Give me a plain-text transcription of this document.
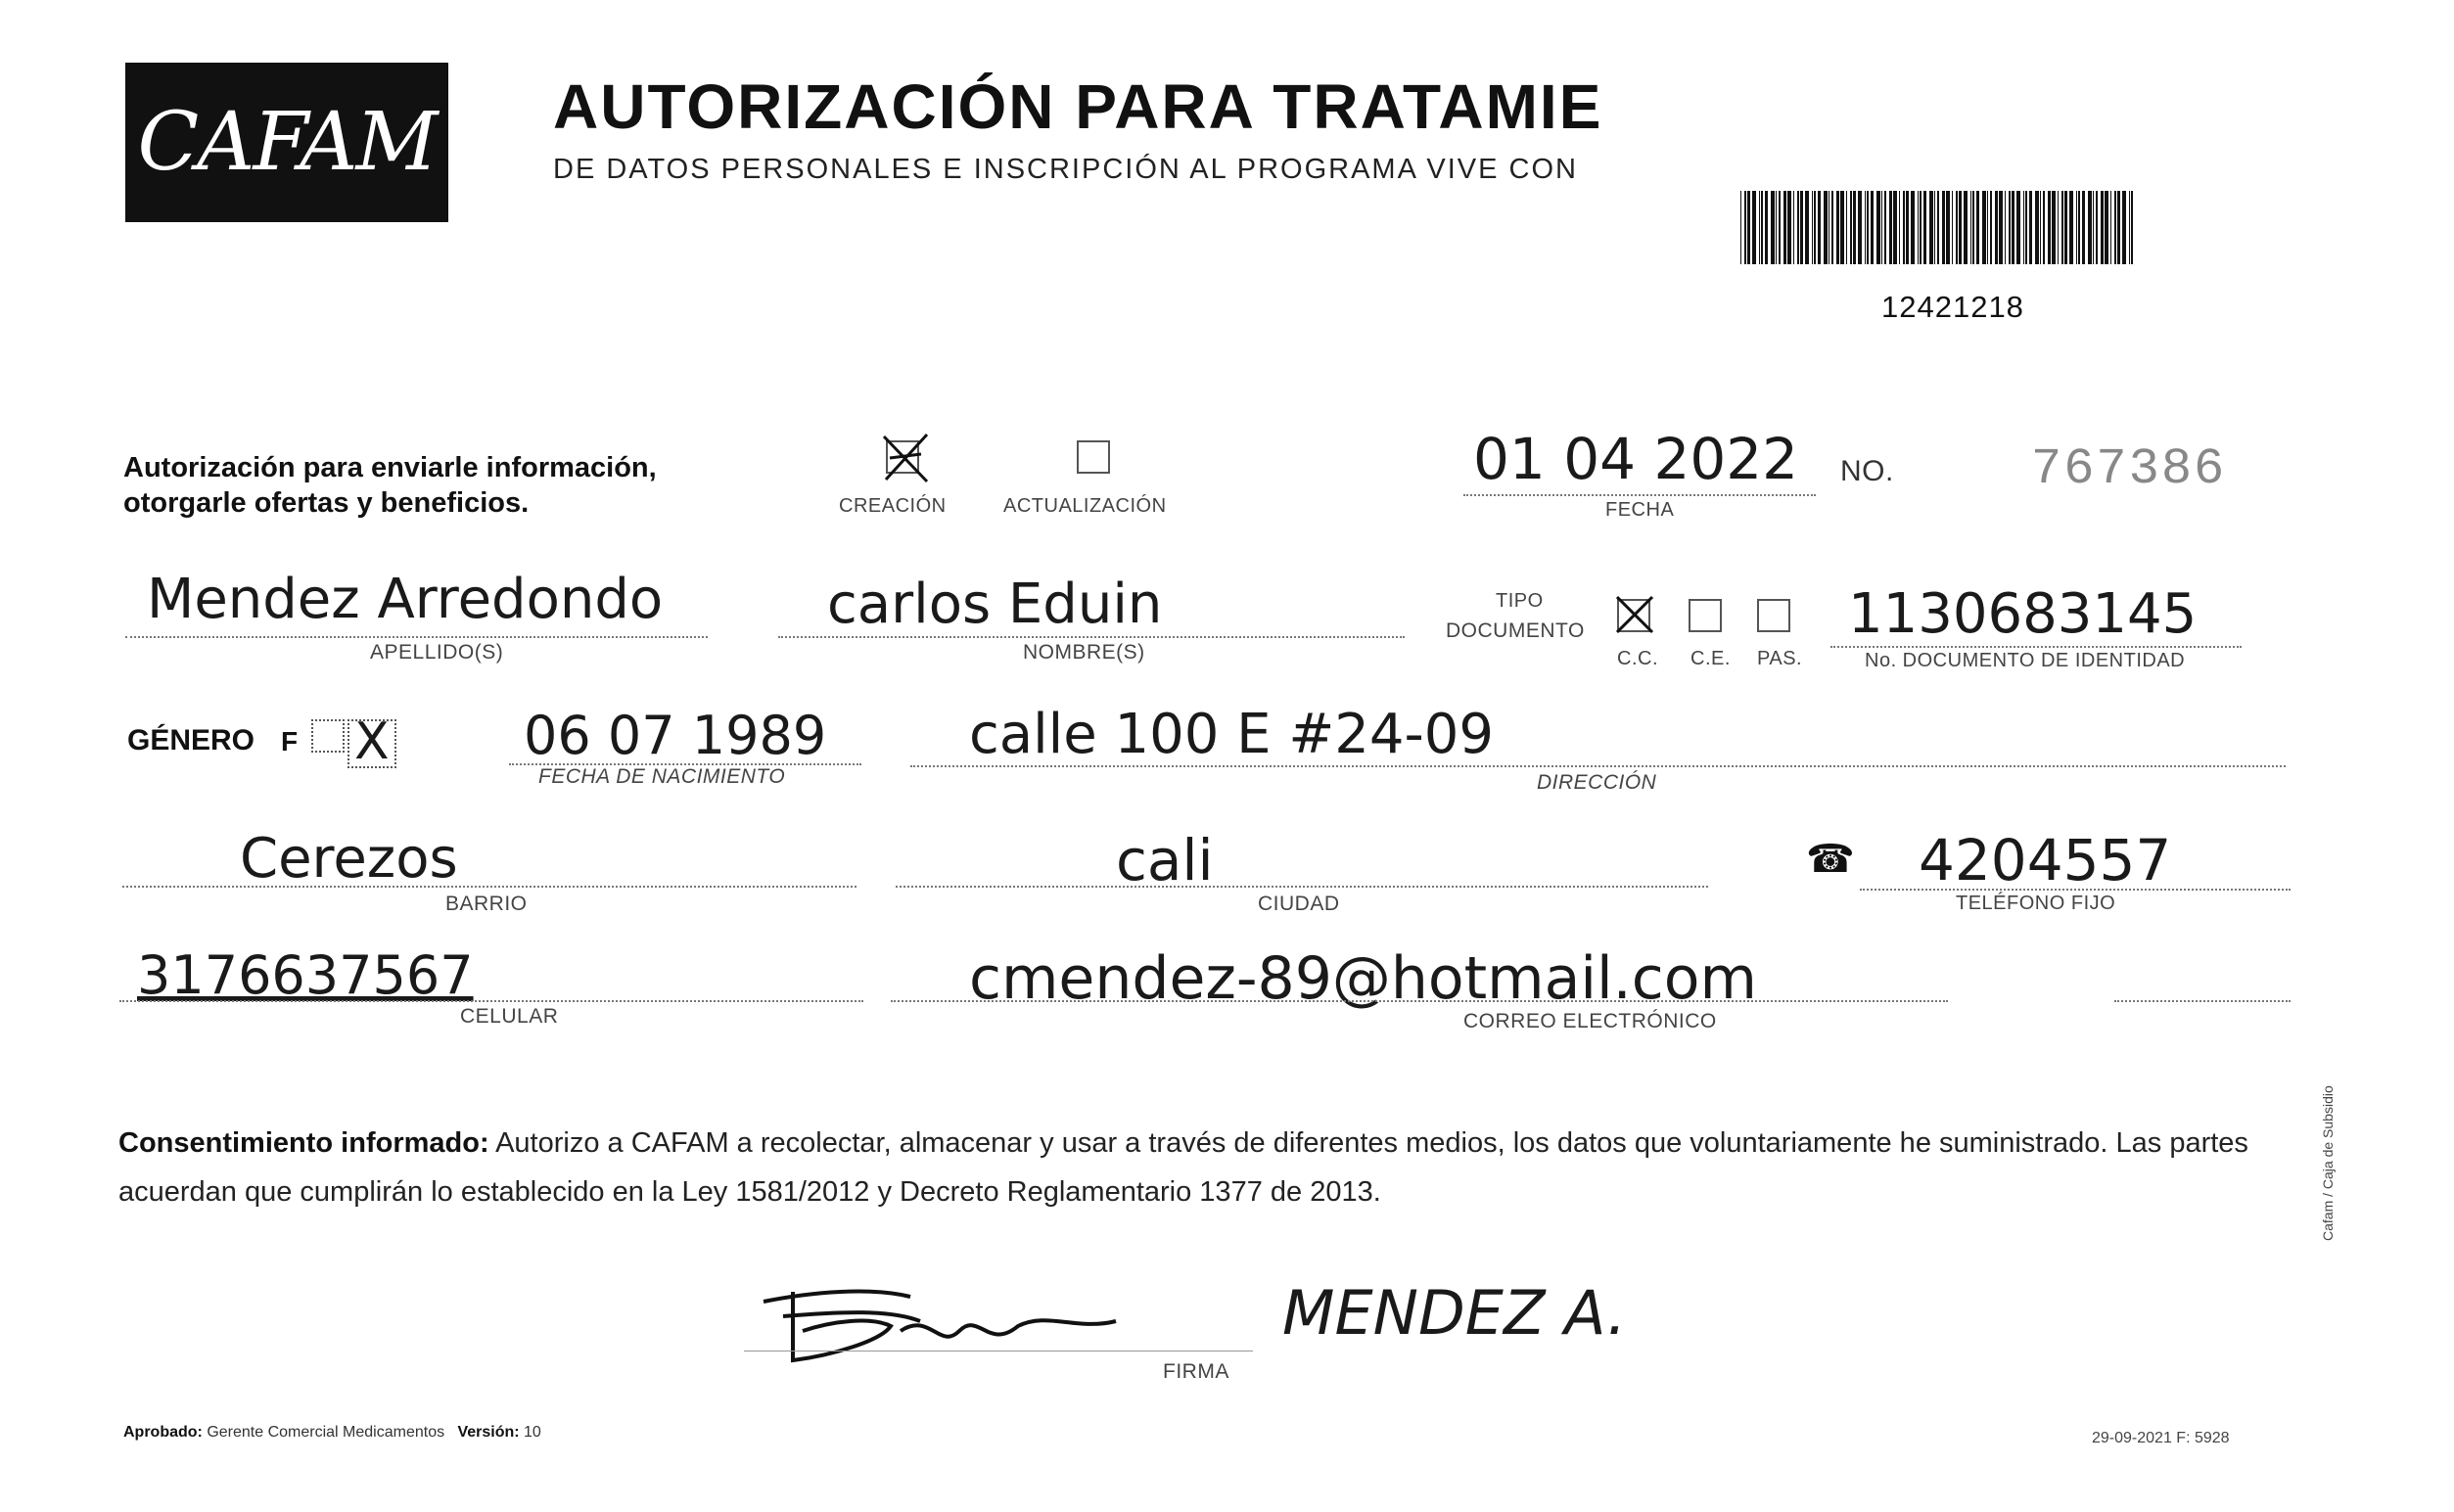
CAFAM AUTORIZACIÓN PARA TRATAMIE
DE DATOS PERSONALES E INSCRIPCIÓN AL PROGRAMA VIVE CON
12421218
Autorización para enviarle información,
otorgarle ofertas y beneficios.	CREACIÓN	ACTUALIZACIÓN
01 04 2022
FECHA
NO.	767386
Mendez Arredondo
APELLIDO(S)
carlos Eduin
NOMBRE(S)
TIPO
DOCUMENTO
C.C. C.E. PAS.
1130683145
No. DOCUMENTO DE IDENTIDAD
GÉNERO F X	06 07 1989
FECHA DE NACIMIENTO
calle 100 E #24-09
DIRECCIÓN
Cerezos
BARRIO
cali
CIUDAD
☎ 4204557
TELÉFONO FIJO
3176637567
CELULAR
cmendez-89@hotmail.com
CORREO ELECTRÓNICO
Consentimiento informado: Autorizo a CAFAM a recolectar, almacenar y usar a través de diferentes medios, los datos que voluntariamente he suministrado. Las partes acuerdan que cumplirán lo establecido en la Ley 1581/2012 y Decreto Reglamentario 1377 de 2013.
MENDEZ A.
FIRMA
Aprobado: Gerente Comercial Medicamentos Versión: 10	29-09-2021 F: 5928
Cafam / Caja de Subsidio
